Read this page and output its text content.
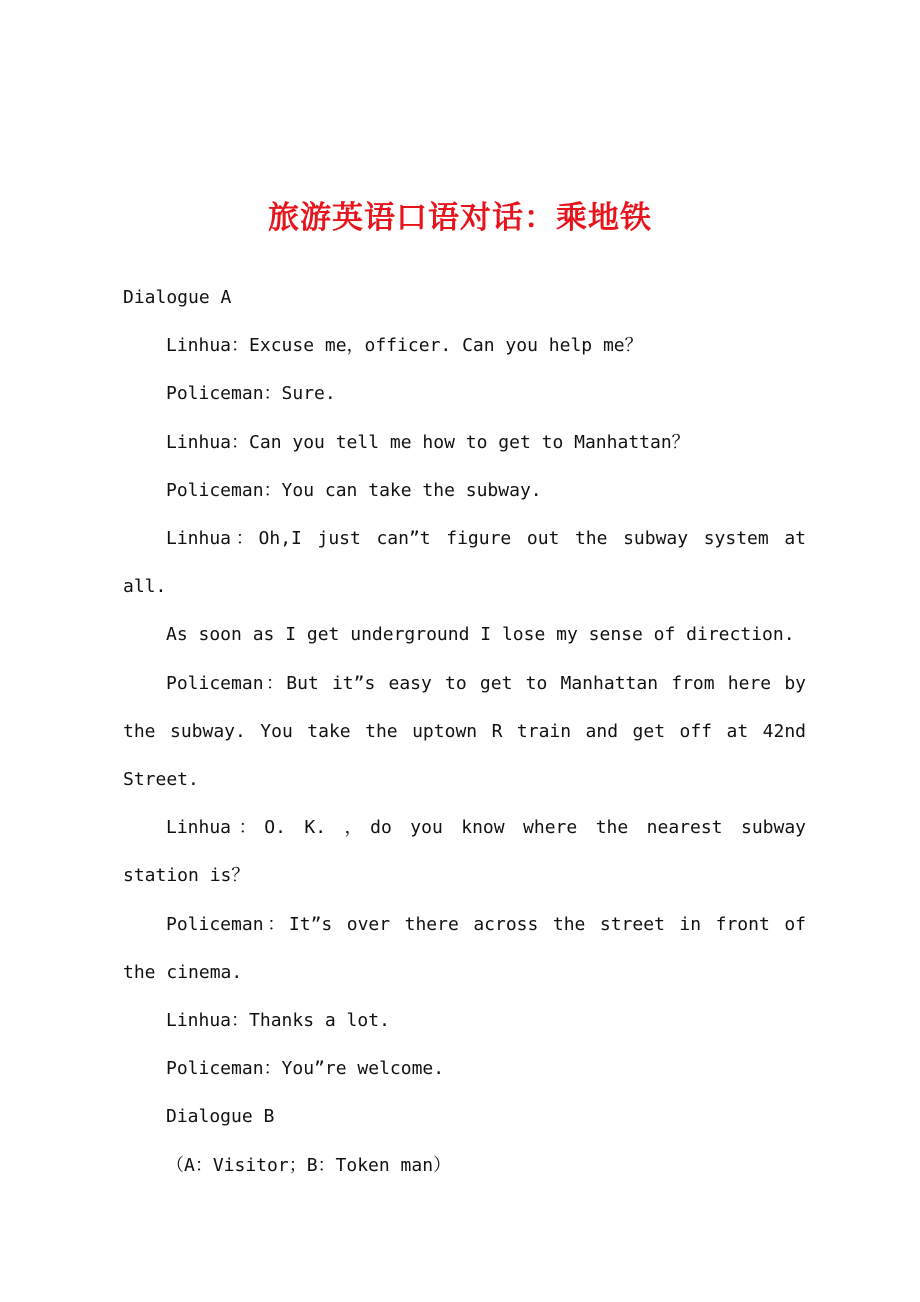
旅游英语口语对话：乘地铁

Dialogue A

Linhua：Excuse me，officer. Can you help me？

Policeman：Sure.

Linhua：Can you tell me how to get to Manhattan？

Policeman：You can take the subway.

Linhua：Oh,I just can”t figure out the subway system at all.

As soon as I get underground I lose my sense of direction.

Policeman：But it”s easy to get to Manhattan from here by the subway. You take the uptown R train and get off at 42nd Street.

Linhua：O. K. ，do you know where the nearest subway station is？

Policeman：It”s over there across the street in front of the cinema.

Linhua：Thanks a lot.

Policeman：You”re welcome.

Dialogue B

（A：Visitor；B：Token man）
